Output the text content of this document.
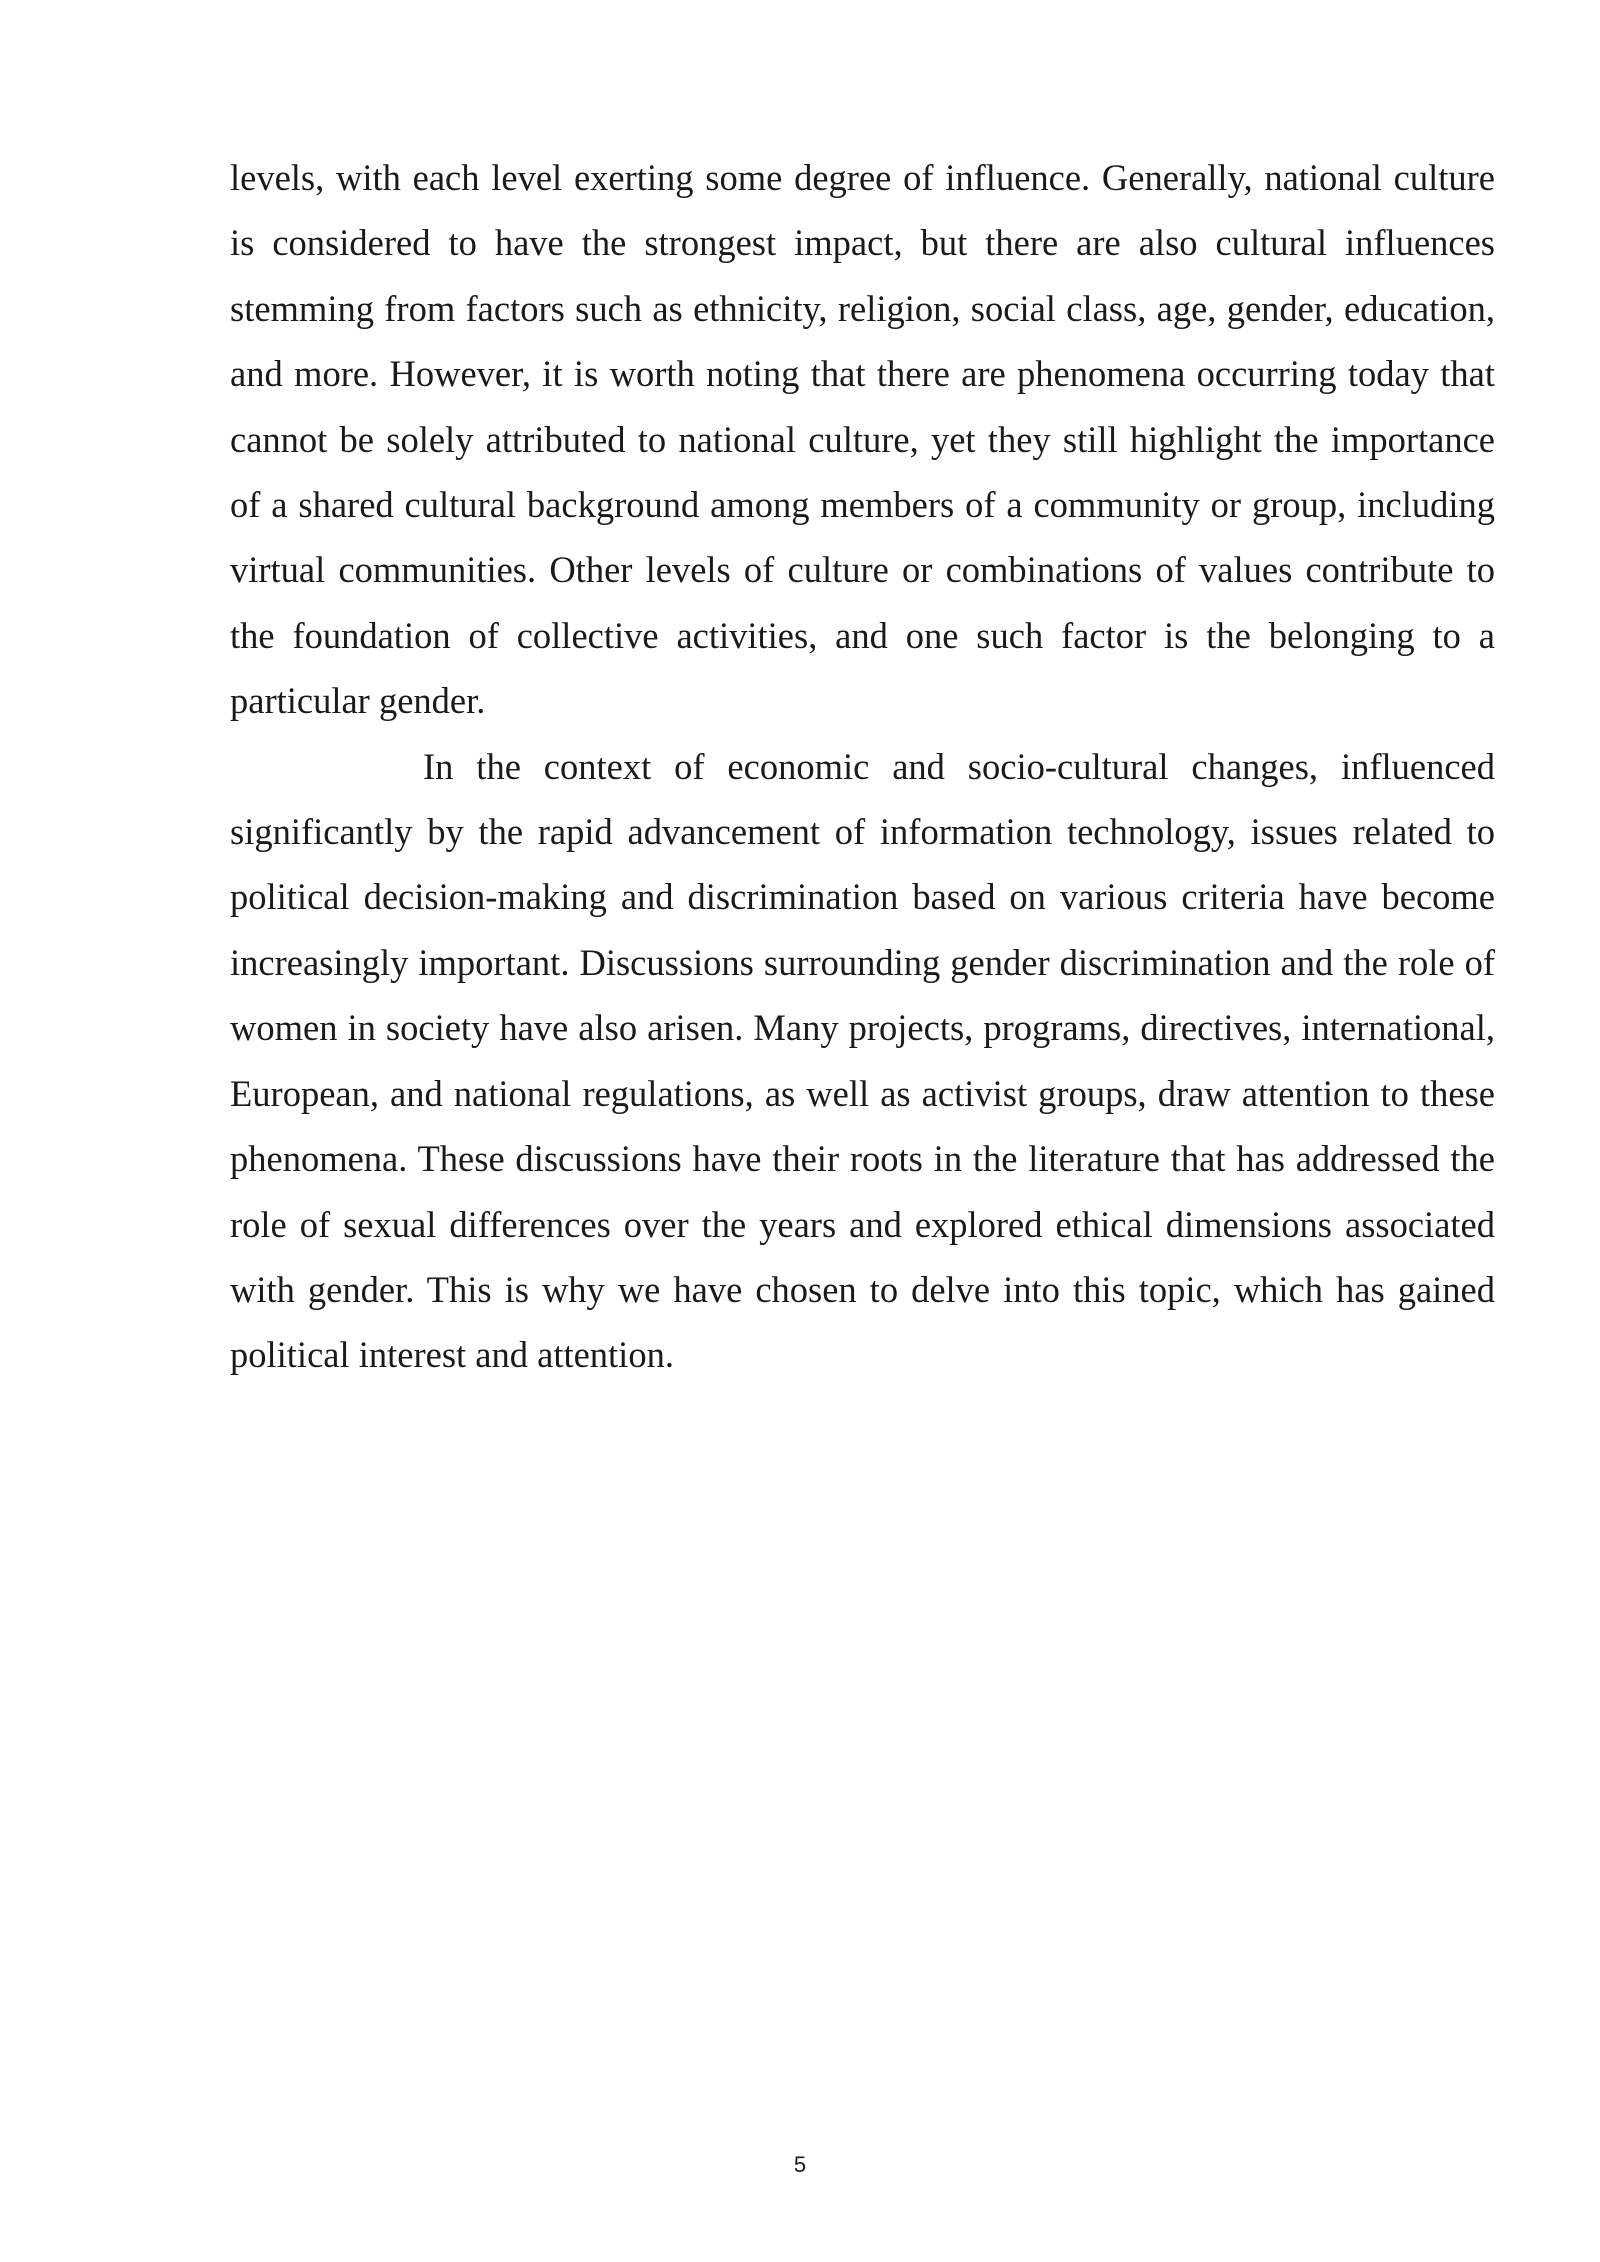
levels, with each level exerting some degree of influence. Generally, national culture is considered to have the strongest impact, but there are also cultural influences stemming from factors such as ethnicity, religion, social class, age, gender, education, and more. However, it is worth noting that there are phenomena occurring today that cannot be solely attributed to national culture, yet they still highlight the importance of a shared cultural background among members of a community or group, including virtual communities. Other levels of culture or combinations of values contribute to the foundation of collective activities, and one such factor is the belonging to a particular gender.

In the context of economic and socio-cultural changes, influenced significantly by the rapid advancement of information technology, issues related to political decision-making and discrimination based on various criteria have become increasingly important. Discussions surrounding gender discrimination and the role of women in society have also arisen. Many projects, programs, directives, international, European, and national regulations, as well as activist groups, draw attention to these phenomena. These discussions have their roots in the literature that has addressed the role of sexual differences over the years and explored ethical dimensions associated with gender. This is why we have chosen to delve into this topic, which has gained political interest and attention.

5
